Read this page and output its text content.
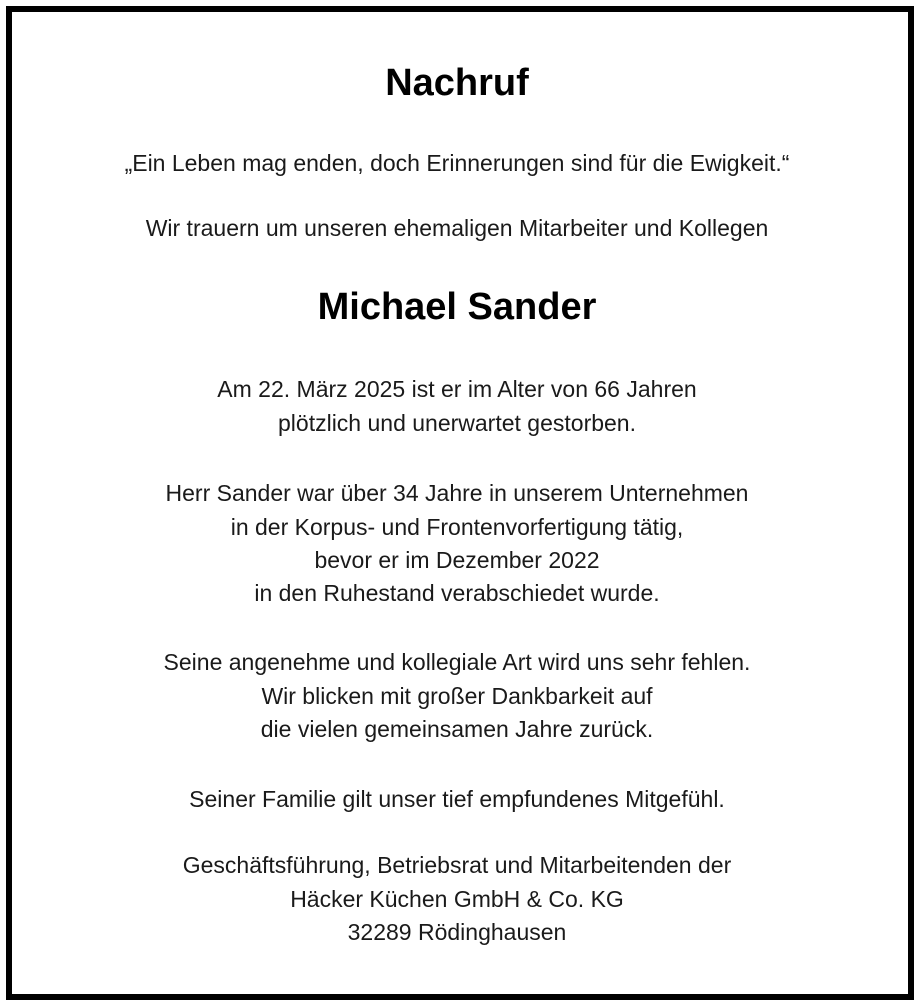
Nachruf
„Ein Leben mag enden, doch Erinnerungen sind für die Ewigkeit.“
Wir trauern um unseren ehemaligen Mitarbeiter und Kollegen
Michael Sander
Am 22. März 2025 ist er im Alter von 66 Jahren
plötzlich und unerwartet gestorben.
Herr Sander war über 34 Jahre in unserem Unternehmen
in der Korpus- und Frontenvorfertigung tätig,
bevor er im Dezember 2022
in den Ruhestand verabschiedet wurde.
Seine angenehme und kollegiale Art wird uns sehr fehlen.
Wir blicken mit großer Dankbarkeit auf
die vielen gemeinsamen Jahre zurück.
Seiner Familie gilt unser tief empfundenes Mitgefühl.
Geschäftsführung, Betriebsrat und Mitarbeitenden der
Häcker Küchen GmbH & Co. KG
32289 Rödinghausen
